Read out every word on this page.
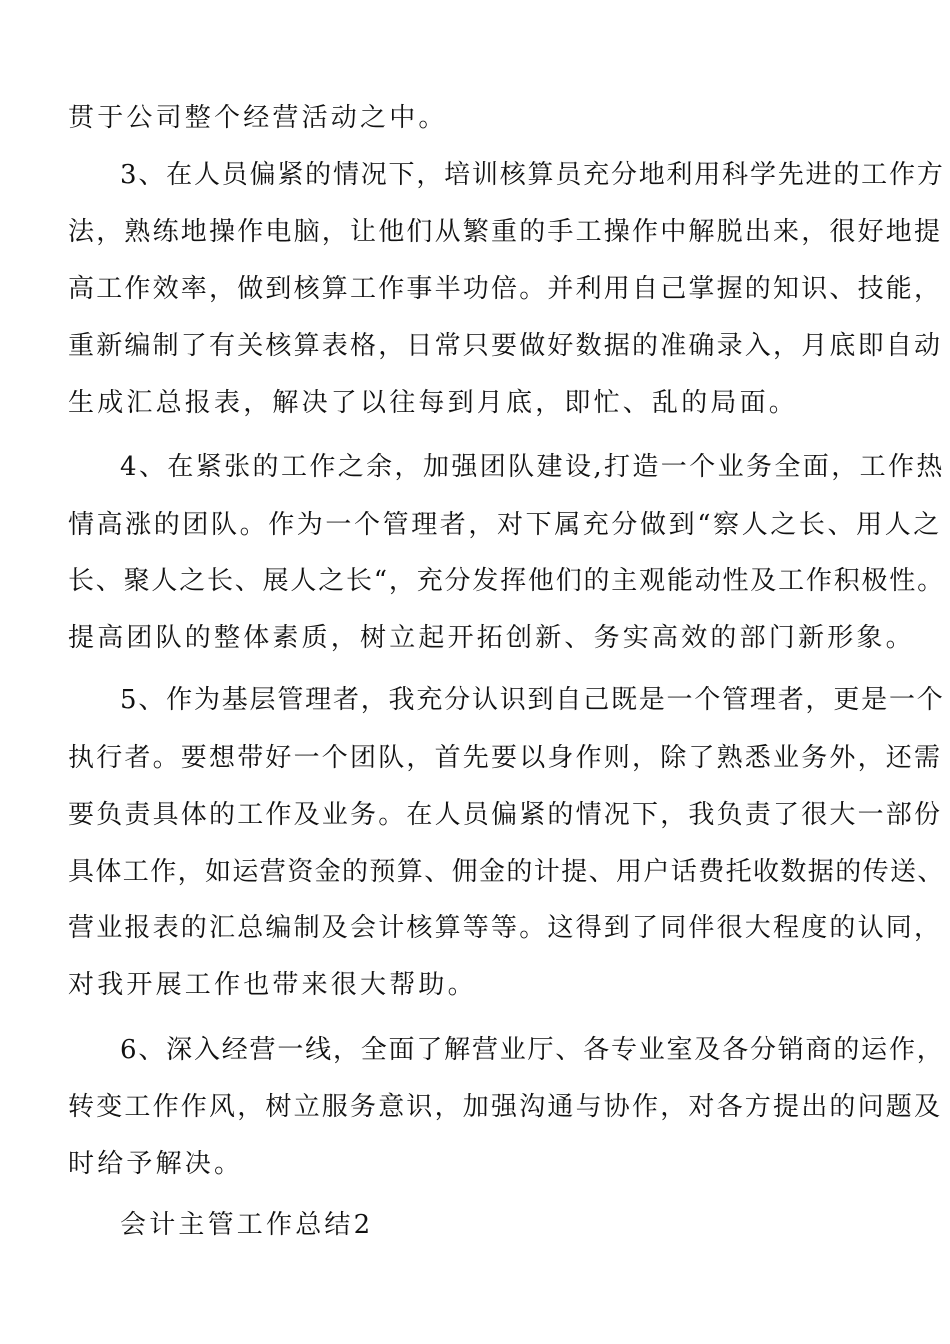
贯于公司整个经营活动之中。
3、在人员偏紧的情况下，培训核算员充分地利用科学先进的工作方
法，熟练地操作电脑，让他们从繁重的手工操作中解脱出来，很好地提
高工作效率，做到核算工作事半功倍。并利用自己掌握的知识、技能，
重新编制了有关核算表格，日常只要做好数据的准确录入，月底即自动
生成汇总报表，解决了以往每到月底，即忙、乱的局面。
4、在紧张的工作之余，加强团队建设,打造一个业务全面，工作热
情高涨的团队。作为一个管理者，对下属充分做到“察人之长、用人之
长、聚人之长、展人之长“，充分发挥他们的主观能动性及工作积极性。
提高团队的整体素质，树立起开拓创新、务实高效的部门新形象。
5、作为基层管理者，我充分认识到自己既是一个管理者，更是一个
执行者。要想带好一个团队，首先要以身作则，除了熟悉业务外，还需
要负责具体的工作及业务。在人员偏紧的情况下，我负责了很大一部份
具体工作，如运营资金的预算、佣金的计提、用户话费托收数据的传送、
营业报表的汇总编制及会计核算等等。这得到了同伴很大程度的认同，
对我开展工作也带来很大帮助。
6、深入经营一线，全面了解营业厅、各专业室及各分销商的运作，
转变工作作风，树立服务意识，加强沟通与协作，对各方提出的问题及
时给予解决。
会计主管工作总结2
